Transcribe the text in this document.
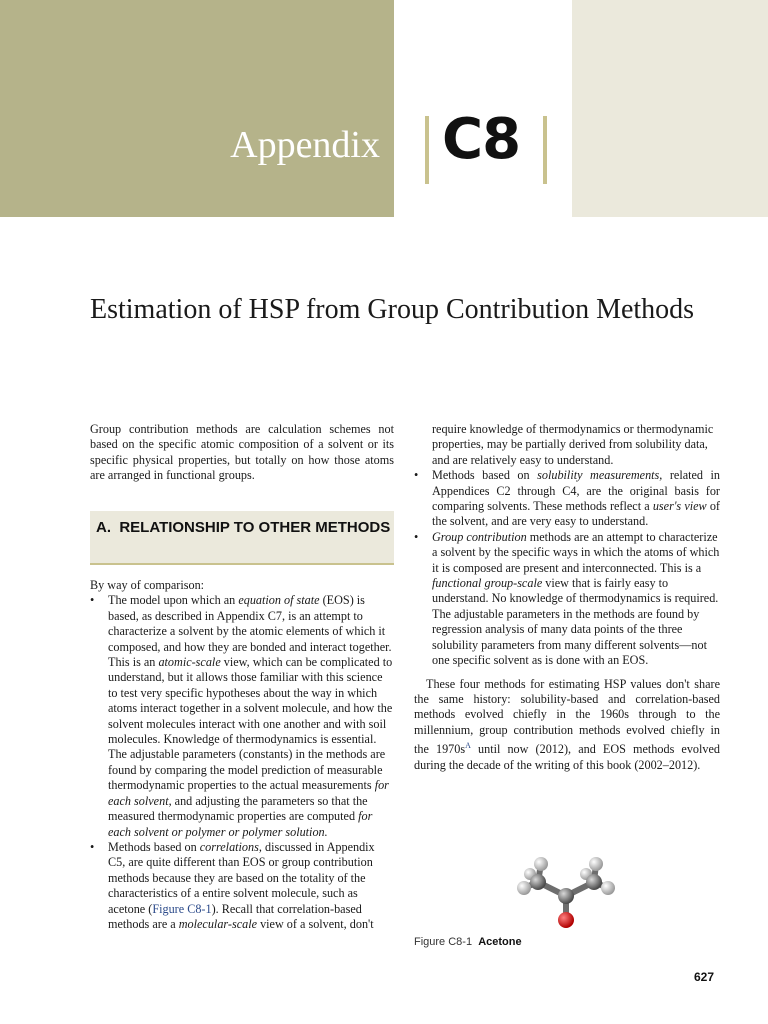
Appendix C8
Estimation of HSP from Group Contribution Methods

Group contribution methods are calculation schemes not based on the specific atomic composition of a solvent or its specific physical properties, but totally on how those atoms are arranged in functional groups.

A. RELATIONSHIP TO OTHER METHODS

By way of comparison:

• The model upon which an equation of state (EOS) is based, as described in Appendix C7, is an attempt to characterize a solvent by the atomic elements of which it composed, and how they are bonded and interact together. This is an atomic-scale view, which can be complicated to understand, but it allows those familiar with this science to test very specific hypotheses about the way in which atoms interact together in a solvent molecule, and how the solvent molecules interact with one another and with soil molecules. Knowledge of thermodynamics is essential. The adjustable parameters (constants) in the methods are found by comparing the model prediction of measurable thermodynamic properties to the actual measurements for each solvent, and adjusting the parameters so that the measured thermodynamic properties are computed for each solvent or polymer or polymer solution.
• Methods based on correlations, discussed in Appendix C5, are quite different than EOS or group contribution methods because they are based on the totality of the characteristics of a entire solvent molecule, such as acetone (Figure C8-1). Recall that correlation-based methods are a molecular-scale view of a solvent, don't

require knowledge of thermodynamics or thermodynamic properties, may be partially derived from solubility data, and are relatively easy to understand.

• Methods based on solubility measurements, related in Appendices C2 through C4, are the original basis for comparing solvents. These methods reflect a user's view of the solvent, and are very easy to understand.
• Group contribution methods are an attempt to characterize a solvent by the specific ways in which the atoms of which it is composed are present and interconnected. This is a functional group-scale view that is fairly easy to understand. No knowledge of thermodynamics is required. The adjustable parameters in the methods are found by regression analysis of many data points of the three solubility parameters from many different solvents—not one specific solvent as is done with an EOS.

These four methods for estimating HSP values don't share the same history: solubility-based and correlation-based methods evolved chiefly in the 1960s through to the millennium, group contribution methods evolved chiefly in the $1970s^A$ until now (2012), and EOS methods evolved during the decade of the writing of this book (2002–2012).

Figure C8-1 Acetone
627
